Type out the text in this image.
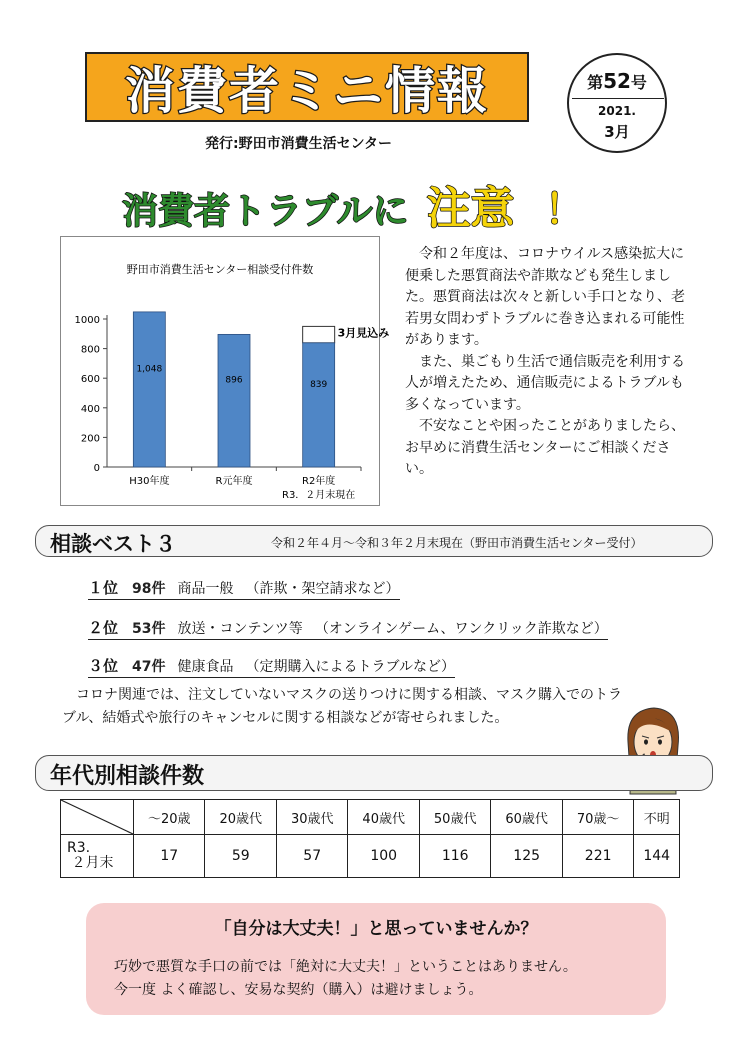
消費者ミニ情報	第52号
2021.
3月
発行:野田市消費生活センター
消費者トラブルに 注意 ！
野田市消費生活センター相談受付件数
0
200
400
600
800
1000
1,048
H30年度
896
R元年度
3月見込み
839
R2年度
R3．２月末現在

令和２年度は、コロナウイルス感染拡大に便乗した悪質商法や詐欺なども発生しました。悪質商法は次々と新しい手口となり、老若男女問わずトラブルに巻き込まれる可能性があります。

また、巣ごもり生活で通信販売を利用する人が増えたため、通信販売によるトラブルも多くなっています。

不安なことや困ったことがありましたら、お早めに消費生活センターにご相談ください。

相談ベスト３	令和２年４月～令和３年２月末現在（野田市消費生活センター受付）
１位 98件 商品一般 （詐欺・架空請求など）
２位 53件 放送・コンテンツ等 （オンラインゲーム、ワンクリック詐欺など）
３位 47件 健康食品 （定期購入によるトラブルなど）
コロナ関連では、注文していないマスクの送りつけに関する相談、マスク購入でのトラブル、結婚式や旅行のキャンセルに関する相談などが寄せられました。
年代別相談件数
	～20歳	20歳代	30歳代	40歳代	50歳代	60歳代	70歳～	不明
R3.
２月末	17	59	57	100	116	125	221	144
「自分は大丈夫！」と思っていませんか？
巧妙で悪質な手口の前では「絶対に大丈夫！」ということはありません。
今一度 よく確認し、安易な契約（購入）は避けましょう。
